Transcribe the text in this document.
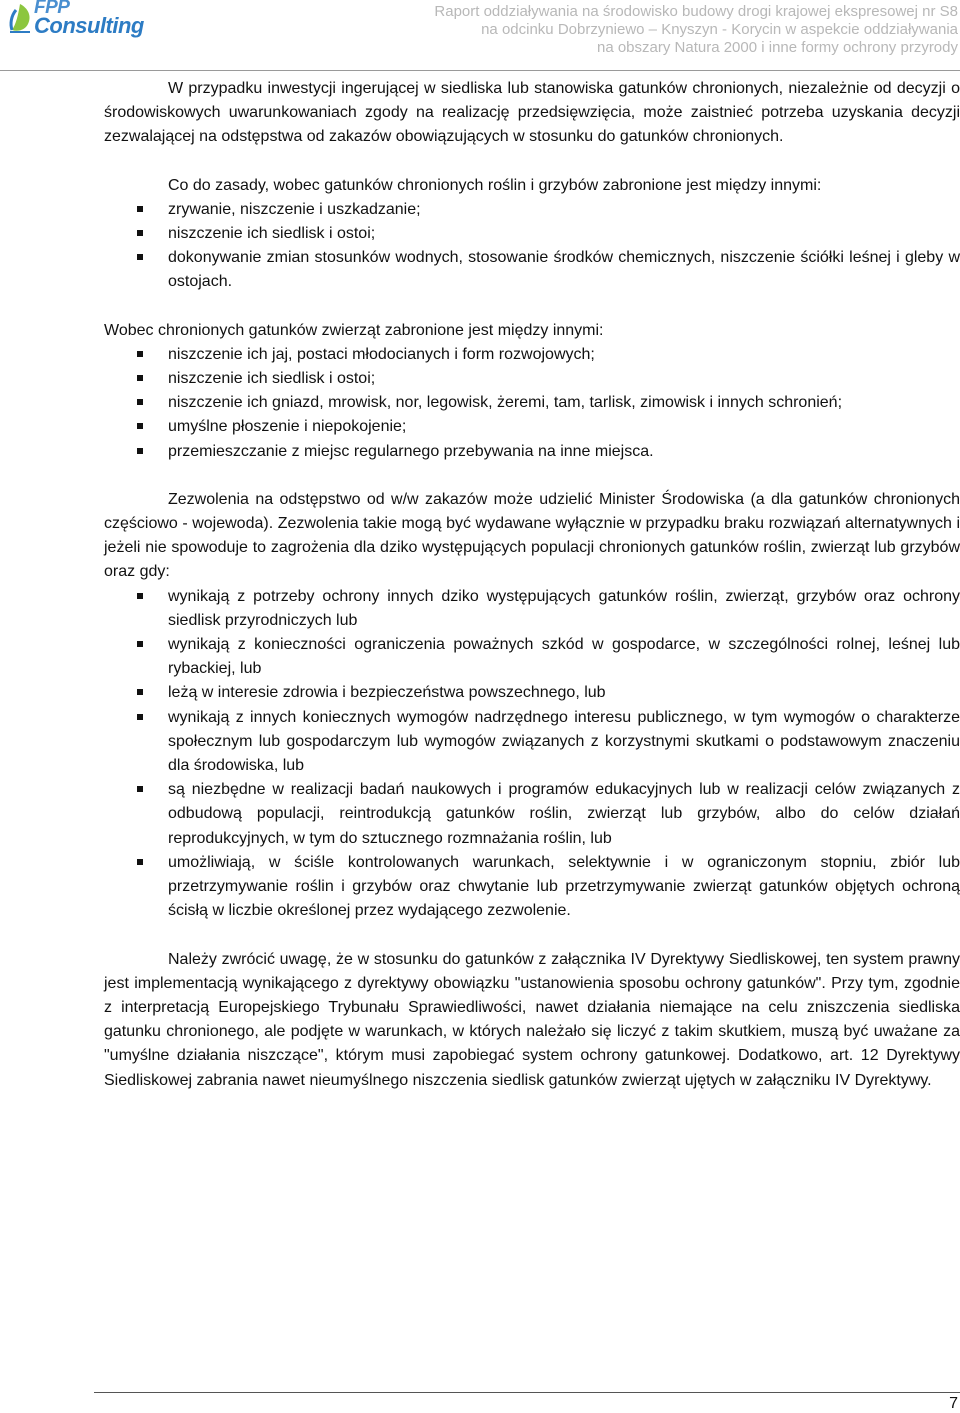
FPP
Consulting
Raport oddziaływania na środowisko budowy drogi krajowej ekspresowej nr S8
na odcinku Dobrzyniewo – Knyszyn - Korycin w aspekcie oddziaływania
na obszary Natura 2000 i inne formy ochrony przyrody

W przypadku inwestycji ingerującej w siedliska lub stanowiska gatunków chronionych, niezależnie od decyzji o środowiskowych uwarunkowaniach zgody na realizację przedsięwzięcia, może zaistnieć potrzeba uzyskania decyzji zezwalającej na odstępstwa od zakazów obowiązujących w stosunku do gatunków chronionych.

Co do zasady, wobec gatunków chronionych roślin i grzybów zabronione jest między innymi:

zrywanie, niszczenie i uszkadzanie;
niszczenie ich siedlisk i ostoi;
dokonywanie zmian stosunków wodnych, stosowanie środków chemicznych, niszczenie ściółki leśnej i gleby w ostojach.

Wobec chronionych gatunków zwierząt zabronione jest między innymi:

niszczenie ich jaj, postaci młodocianych i form rozwojowych;
niszczenie ich siedlisk i ostoi;
niszczenie ich gniazd, mrowisk, nor, legowisk, żeremi, tam, tarlisk, zimowisk i innych schronień;
umyślne płoszenie i niepokojenie;
przemieszczanie z miejsc regularnego przebywania na inne miejsca.

Zezwolenia na odstępstwo od w/w zakazów może udzielić Minister Środowiska (a dla gatunków chronionych częściowo - wojewoda). Zezwolenia takie mogą być wydawane wyłącznie w przypadku braku rozwiązań alternatywnych i jeżeli nie spowoduje to zagrożenia dla dziko występujących populacji chronionych gatunków roślin, zwierząt lub grzybów oraz gdy:

wynikają z potrzeby ochrony innych dziko występujących gatunków roślin, zwierząt, grzybów oraz ochrony siedlisk przyrodniczych lub
wynikają z konieczności ograniczenia poważnych szkód w gospodarce, w szczególności rolnej, leśnej lub rybackiej, lub
leżą w interesie zdrowia i bezpieczeństwa powszechnego, lub
wynikają z innych koniecznych wymogów nadrzędnego interesu publicznego, w tym wymogów o charakterze społecznym lub gospodarczym lub wymogów związanych z korzystnymi skutkami o podstawowym znaczeniu dla środowiska, lub
są niezbędne w realizacji badań naukowych i programów edukacyjnych lub w realizacji celów związanych z odbudową populacji, reintrodukcją gatunków roślin, zwierząt lub grzybów, albo do celów działań reprodukcyjnych, w tym do sztucznego rozmnażania roślin, lub
umożliwiają, w ściśle kontrolowanych warunkach, selektywnie i w ograniczonym stopniu, zbiór lub przetrzymywanie roślin i grzybów oraz chwytanie lub przetrzymywanie zwierząt gatunków objętych ochroną ścisłą w liczbie określonej przez wydającego zezwolenie.

Należy zwrócić uwagę, że w stosunku do gatunków z załącznika IV Dyrektywy Siedliskowej, ten system prawny jest implementacją wynikającego z dyrektywy obowiązku "ustanowienia sposobu ochrony gatunków". Przy tym, zgodnie z interpretacją Europejskiego Trybunału Sprawiedliwości, nawet działania niemające na celu zniszczenia siedliska gatunku chronionego, ale podjęte w warunkach, w których należało się liczyć z takim skutkiem, muszą być uważane za "umyślne działania niszczące", którym musi zapobiegać system ochrony gatunkowej. Dodatkowo, art. 12 Dyrektywy Siedliskowej zabrania nawet nieumyślnego niszczenia siedlisk gatunków zwierząt ujętych w załączniku IV Dyrektywy.

7
